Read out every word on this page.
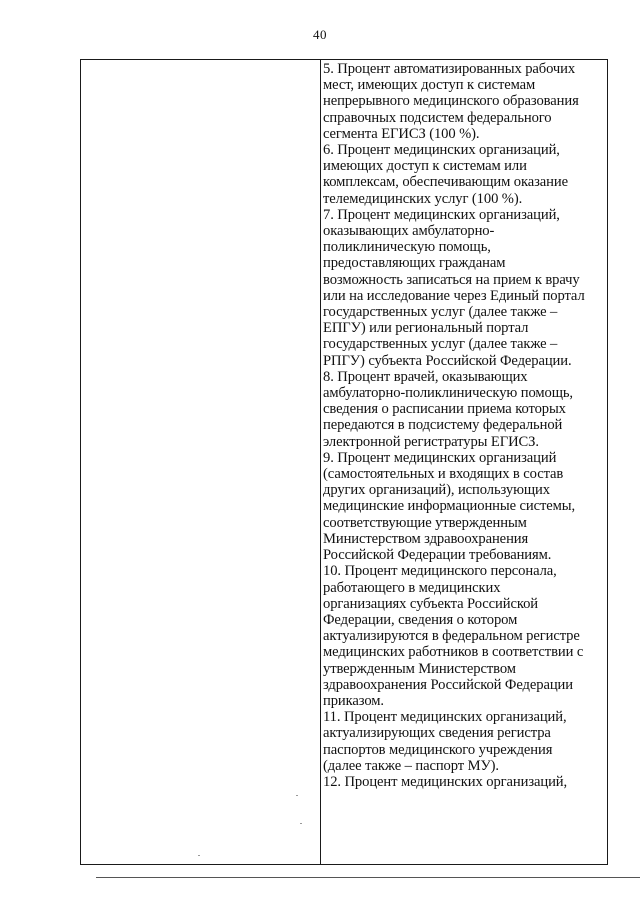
40

5. Процент автоматизированных рабочих
мест, имеющих доступ к системам
непрерывного медицинского образования
справочных подсистем федерального
сегмента ЕГИСЗ (100 %).

6. Процент медицинских организаций,
имеющих доступ к системам или
комплексам, обеспечивающим оказание
телемедицинских услуг (100 %).

7. Процент медицинских организаций,
оказывающих амбулаторно-
поликлиническую помощь,
предоставляющих гражданам
возможность записаться на прием к врачу
или на исследование через Единый портал
государственных услуг (далее также –
ЕПГУ) или региональный портал
государственных услуг (далее также –
РПГУ) субъекта Российской Федерации.

8. Процент врачей, оказывающих
амбулаторно-поликлиническую помощь,
сведения о расписании приема которых
передаются в подсистему федеральной
электронной регистратуры ЕГИСЗ.

9. Процент медицинских организаций
(самостоятельных и входящих в состав
других организаций), использующих
медицинские информационные системы,
соответствующие утвержденным
Министерством здравоохранения
Российской Федерации требованиям.

10. Процент медицинского персонала,
работающего в медицинских
организациях субъекта Российской
Федерации, сведения о котором
актуализируются в федеральном регистре
медицинских работников в соответствии с
утвержденным Министерством
здравоохранения Российской Федерации
приказом.

11. Процент медицинских организаций,
актуализирующих сведения регистра
паспортов медицинского учреждения
(далее также – паспорт МУ).

12. Процент медицинских организаций,
